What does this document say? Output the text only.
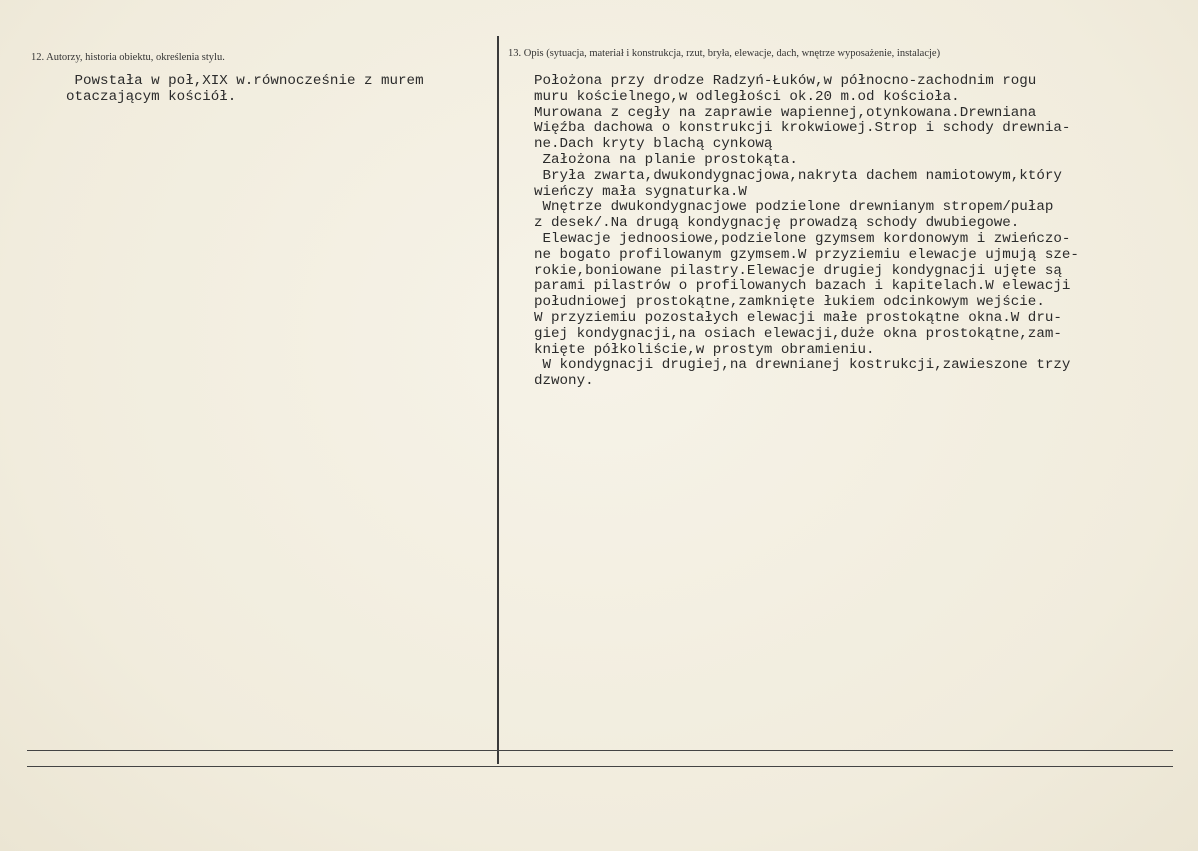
12. Autorzy, historia obiektu, określenia stylu.	13. Opis (sytuacja, materiał i konstrukcja, rzut, bryła, elewacje, dach, wnętrze wyposażenie, instalacje)
Powstała w poł,XIX w.równocześnie z murem
otaczającym kościół.
Położona przy drodze Radzyń-Łuków,w północno-zachodnim rogu
muru kościelnego,w odległości ok.20 m.od kościoła.
Murowana z cegły na zaprawie wapiennej,otynkowana.Drewniana
Więźba dachowa o konstrukcji krokwiowej.Strop i schody drewnia-
ne.Dach kryty blachą cynkową
Założona na planie prostokąta.
Bryła zwarta,dwukondygnacjowa,nakryta dachem namiotowym,który
wieńczy mała sygnaturka.W
Wnętrze dwukondygnacjowe podzielone drewnianym stropem/pułap
z desek/.Na drugą kondygnację prowadzą schody dwubiegowe.
Elewacje jednoosiowe,podzielone gzymsem kordonowym i zwieńczo-
ne bogato profilowanym gzymsem.W przyziemiu elewacje ujmują sze-
rokie,boniowane pilastry.Elewacje drugiej kondygnacji ujęte są
parami pilastrów o profilowanych bazach i kapitelach.W elewacji
południowej prostokątne,zamknięte łukiem odcinkowym wejście.
W przyziemiu pozostałych elewacji małe prostokątne okna.W dru-
giej kondygnacji,na osiach elewacji,duże okna prostokątne,zam-
knięte półkoliście,w prostym obramieniu.
W kondygnacji drugiej,na drewnianej kostrukcji,zawieszone trzy
dzwony.
